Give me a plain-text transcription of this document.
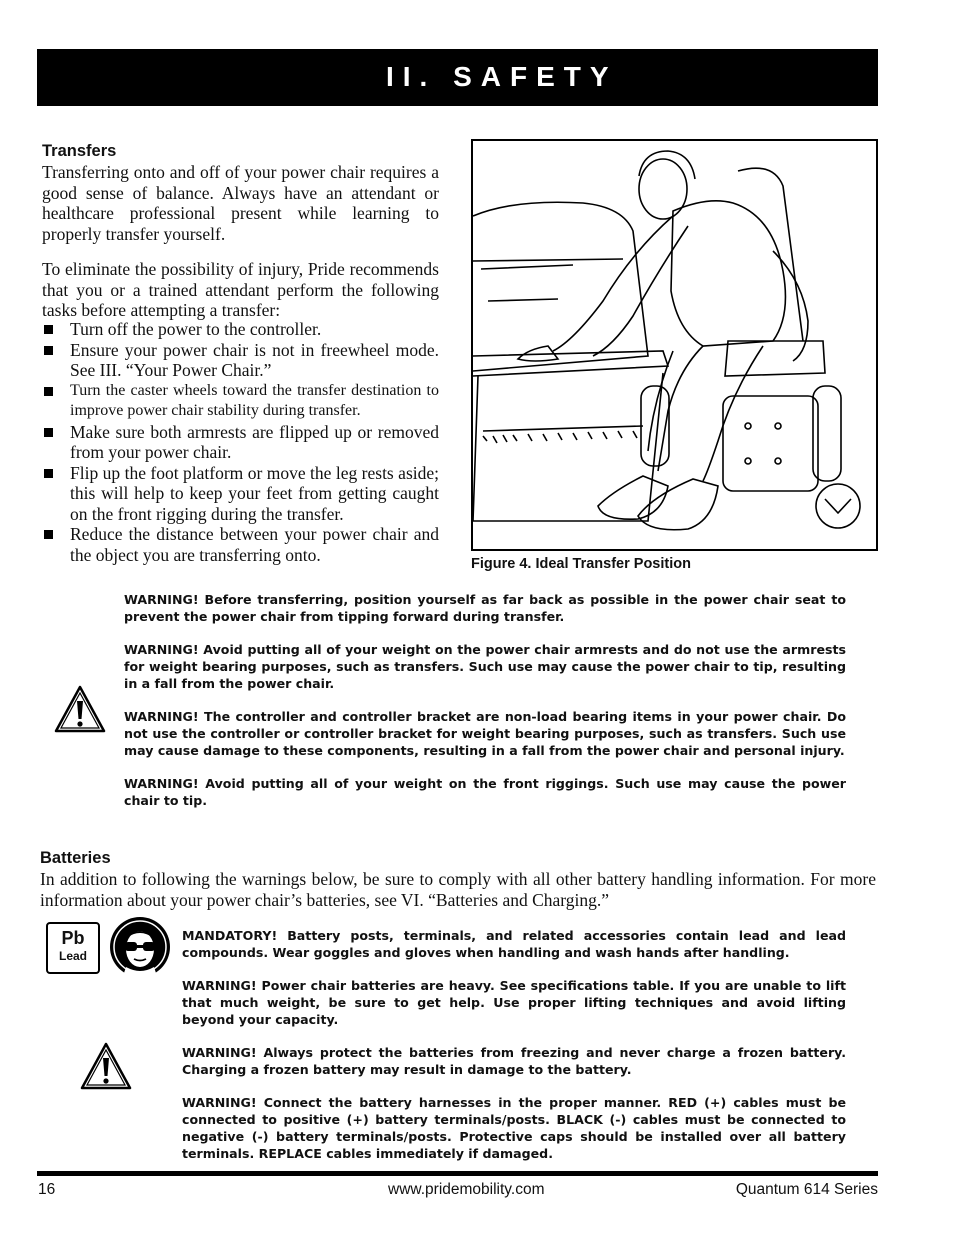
II. SAFETY
Transfers
Transferring onto and off of your power chair requires a good sense of balance. Always have an attendant or healthcare professional present while learning to properly transfer yourself.
To eliminate the possibility of injury, Pride recommends that you or a trained attendant perform the following tasks before attempting a transfer:
Turn off the power to the controller.
Ensure your power chair is not in freewheel mode. See III. “Your Power Chair.”
Turn the caster wheels toward the transfer destination to improve power chair stability during transfer.
Make sure both armrests are flipped up or removed from your power chair.
Flip up the foot platform or move the leg rests aside; this will help to keep your feet from getting caught on the front rigging during the transfer.
Reduce the distance between your power chair and the object you are transferring onto.	Figure 4. Ideal Transfer Position

WARNING! Before transferring, position yourself as far back as possible in the power chair seat to prevent the power chair from tipping forward during transfer.

WARNING! Avoid putting all of your weight on the power chair armrests and do not use the armrests for weight bearing purposes, such as transfers. Such use may cause the power chair to tip, resulting in a fall from the power chair.

WARNING! The controller and controller bracket are non-load bearing items in your power chair. Do not use the controller or controller bracket for weight bearing purposes, such as transfers. Such use may cause damage to these components, resulting in a fall from the power chair and personal injury.

WARNING! Avoid putting all of your weight on the front riggings. Such use may cause the power chair to tip.

Batteries
In addition to following the warnings below, be sure to comply with all other battery handling information. For more information about your power chair’s batteries, see VI. “Batteries and Charging.”
Pb
Lead

MANDATORY! Battery posts, terminals, and related accessories contain lead and lead compounds. Wear goggles and gloves when handling and wash hands after handling.

WARNING! Power chair batteries are heavy. See specifications table. If you are unable to lift that much weight, be sure to get help. Use proper lifting techniques and avoid lifting beyond your capacity.

WARNING! Always protect the batteries from freezing and never charge a frozen battery. Charging a frozen battery may result in damage to the battery.

WARNING! Connect the battery harnesses in the proper manner. RED (+) cables must be connected to positive (+) battery terminals/posts. BLACK (-) cables must be connected to negative (-) battery terminals/posts. Protective caps should be installed over all battery terminals. REPLACE cables immediately if damaged.

16	www.pridemobility.com	Quantum 614 Series
